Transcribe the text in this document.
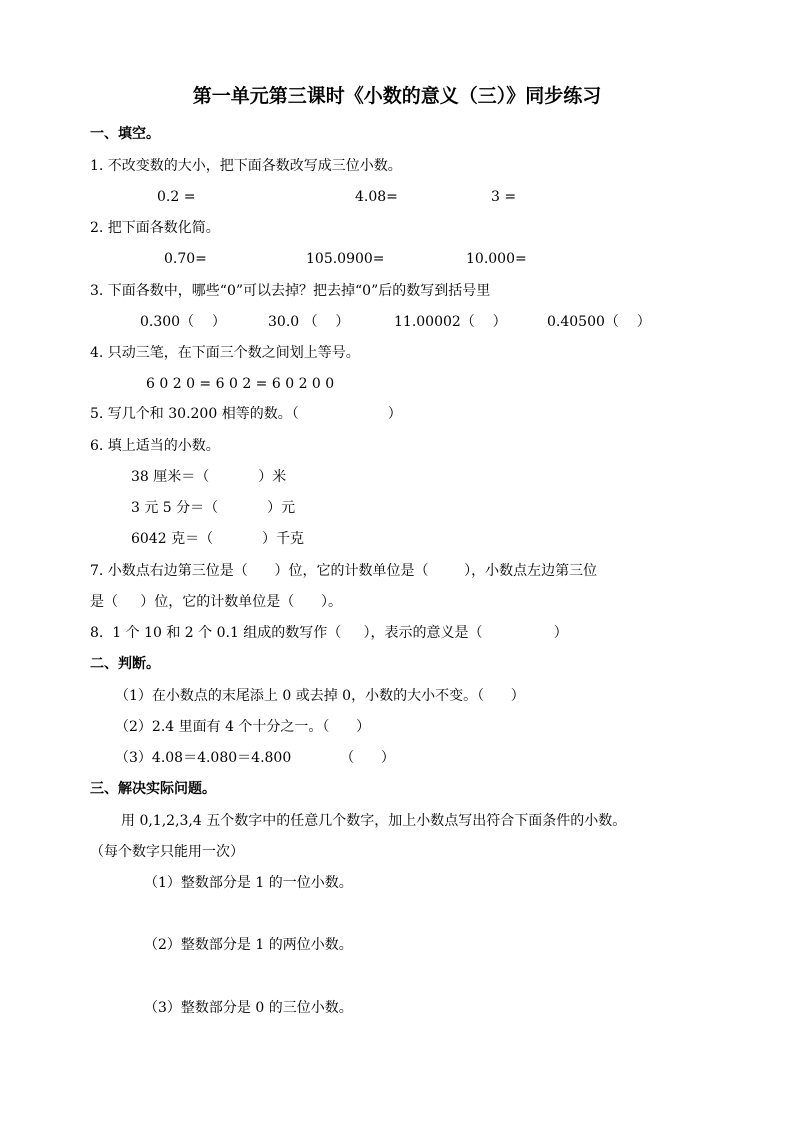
第一单元第三课时《小数的意义（三）》同步练习
一、填空。
1. 不改变数的大小，把下面各数改写成三位小数。
0.2 =	4.08=	3 =
2. 把下面各数化简。
0.70=	105.0900=	10.000=
3. 下面各数中，哪些“0”可以去掉？把去掉“0”后的数写到括号里
0.300（    ）	30.0 （    ）	11.00002（    ）	0.40500（    ）
4. 只动三笔，在下面三个数之间划上等号。
6 0 2 0 = 6 0 2 = 6 0 2 0 0
5. 写几个和 30.200 相等的数。（                    ）
6. 填上适当的小数。
38 厘米＝（           ）米
3 元 5 分＝（           ）元
6042 克＝（           ）千克
7. 小数点右边第三位是（      ）位，它的计数单位是（        ），小数点左边第三位
是（     ）位，它的计数单位是（      ）。
8.  1 个 10 和 2 个 0.1 组成的数写作（     ），表示的意义是（                ）
二、判断。
（1）在小数点的末尾添上 0 或去掉 0，小数的大小不变。（      ）
（2）2.4 里面有 4 个十分之一。（      ）
（3）4.08＝4.080＝4.800           （      ）
三、解决实际问题。
用 0,1,2,3,4 五个数字中的任意几个数字，加上小数点写出符合下面条件的小数。
（每个数字只能用一次）
（1）整数部分是 1 的一位小数。
（2）整数部分是 1 的两位小数。
（3）整数部分是 0 的三位小数。
